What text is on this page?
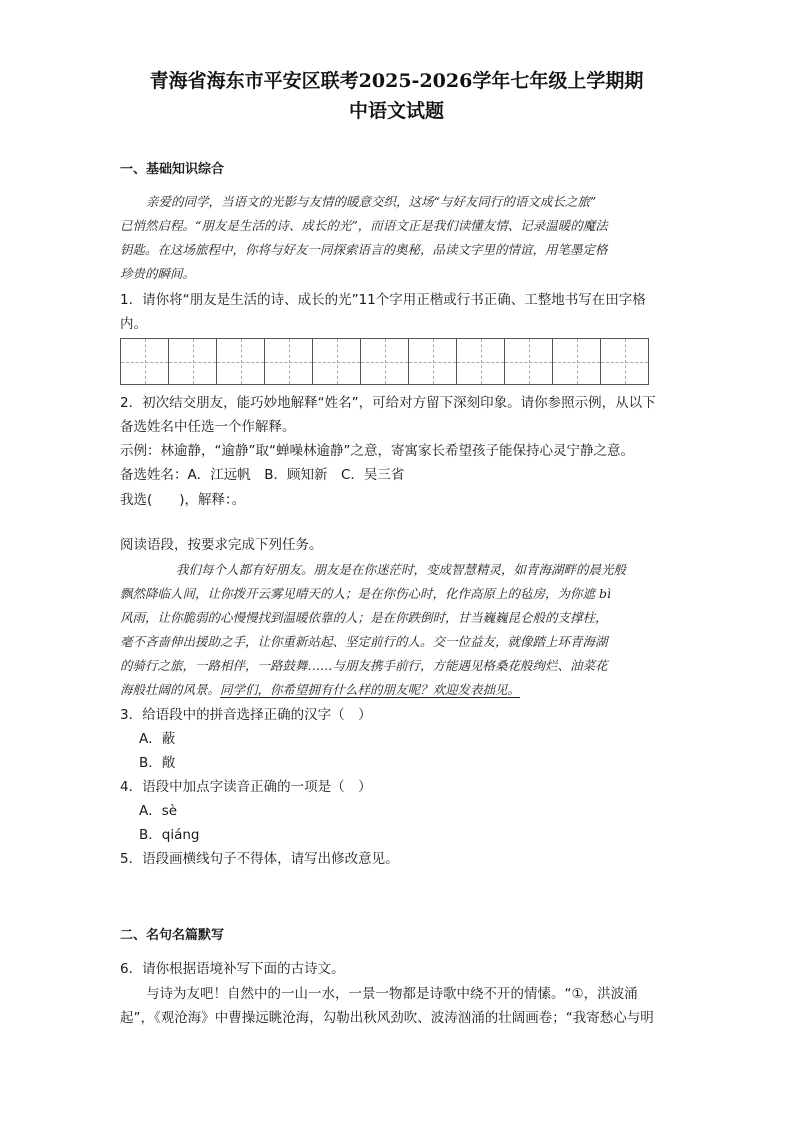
青海省海东市平安区联考2025-2026学年七年级上学期期
中语文试题
一、基础知识综合
亲爱的同学，当语文的光影与友情的暖意交织，这场“与好友同行的语文成长之旅”
已悄然启程。“朋友是生活的诗、成长的光”，而语文正是我们读懂友情、记录温暖的魔法
钥匙。在这场旅程中，你将与好友一同探索语言的奥秘，品读文字里的情谊，用笔墨定格
珍贵的瞬间。
1．请你将“朋友是生活的诗、成长的光”11个字用正楷或行书正确、工整地书写在田字格
内。
2．初次结交朋友，能巧妙地解释“姓名”，可给对方留下深刻印象。请你参照示例，从以下
备选姓名中任选一个作解释。
示例：林逾静，“逾静”取“蝉噪林逾静”之意，寄寓家长希望孩子能保持心灵宁静之意。
备选姓名：A．江远帆　B．顾知新　C．吴三省
我选(　　)，解释：。
阅读语段，按要求完成下列任务。
我们每个人都有好朋友。朋友是在你迷茫时，变成智慧精灵，如青海湖畔的晨光般
飘然降临人间，让你拨开云雾见晴天的人；是在你伤心时，化作高原上的毡房，为你遮 bì
风雨，让你脆弱的心慢慢找到温暖依靠的人；是在你跌倒时，甘当巍巍昆仑般的支撑柱，
毫不吝啬伸出援助之手，让你重新站起、坚定前行的人。交一位益友，就像踏上环青海湖
的骑行之旅，一路相伴，一路鼓舞……与朋友携手前行，方能遇见格桑花般绚烂、油菜花
海般壮阔的风景。同学们，你希望拥有什么样的朋友呢？欢迎发表拙见。
3．给语段中的拼音选择正确的汉字（　）
A．蔽
B．敞
4．语段中加点字读音正确的一项是（　）
A．sè
B．qiáng
5．语段画横线句子不得体，请写出修改意见。
二、名句名篇默写
6．请你根据语境补写下面的古诗文。
与诗为友吧！自然中的一山一水，一景一物都是诗歌中绕不开的情愫。“①，洪波涌
起”，《观沧海》中曹操远眺沧海，勾勒出秋风劲吹、波涛汹涌的壮阔画卷；“我寄愁心与明
